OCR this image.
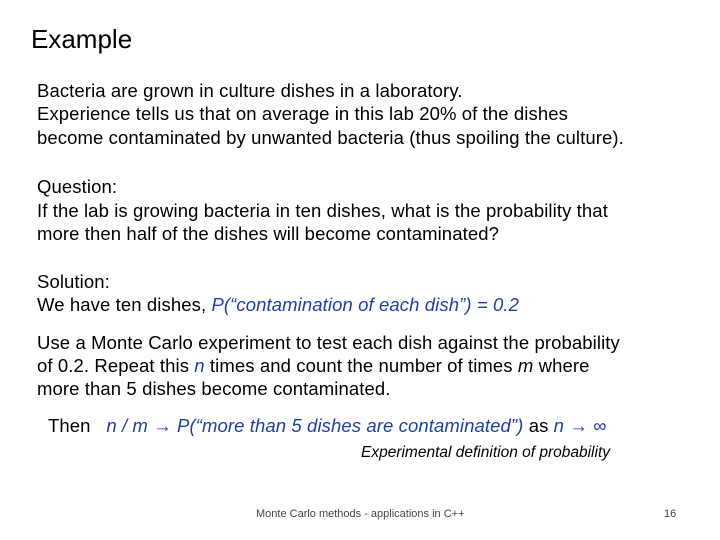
Example
Bacteria are grown in culture dishes in a laboratory.
Experience tells us that on average in this lab 20% of the dishes
become contaminated by unwanted bacteria (thus spoiling the culture).
Question:
If the lab is growing bacteria in ten dishes, what is the probability that
more then half of the dishes will become contaminated?
Solution:
We have ten dishes, P(“contamination of each dish”) = 0.2
Use a Monte Carlo experiment to test each dish against the probability
of 0.2. Repeat this n times and count the number of times m where
more than 5 dishes become contaminated.
Then n / m → P(“more than 5 dishes are contaminated”) as n → ∞
Experimental definition of probability
Monte Carlo methods - applications in C++	16
